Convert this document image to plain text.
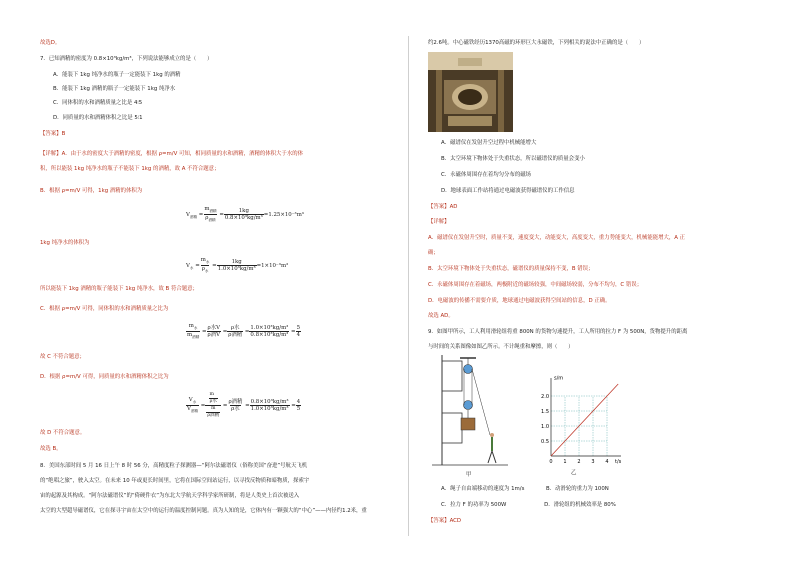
故选D。
7．已知酒精的密度为 0.8×10³kg/m³，下列说法能够成立的是（　　）
A．能装下 1kg 纯净水的瓶子一定能装下 1kg 的酒精
B．能装下 1kg 酒精的瓶子一定能装下 1kg 纯净水
C．同体积的水和酒精质量之比是 4∶5
D．同质量的水和酒精体积之比是 5∶1
【答案】B
【详解】A．由于水的密度大于酒精的密度，根据 ρ=m/V 可知，相同质量的水和酒精，酒精的体积大于水的体
积，所以能装 1kg 纯净水的瓶子不能装下 1kg 的酒精，故 A 不符合题意；
B．根据 ρ=m/V 可得，1kg 酒精的体积为
$V_{酒精} = \frac{m_{酒精}}{\rho_{酒精}} = \frac{1kg}{\text{0.8×10³kg/m³}} =1.25\times 10^{-3}m^3$
1kg 纯净水的体积为
$V_水 = \frac{m_水}{\rho_水} = \frac{1kg}{\text{1.0×10³kg/m³}} =1\times 10^{-3}m^3$
所以能装下 1kg 酒精的瓶子能装下 1kg 纯净水，故 B 符合题意；
C．根据 ρ=m/V 可得，同体积的水和酒精质量之比为
$\frac{m_水}{m_{酒精}} = \frac{\text{ρ水V}}{\text{ρ酒V}} = \frac{\text{ρ水}}{\text{ρ酒精}} = \frac{\text{1.0×10³kg/m³}}{\text{0.8×10³kg/m³}} = \frac{5}{4}$
故 C 不符合题意；
D．根据 ρ=m/V 可得，同质量的水和酒精体积之比为
$\frac{V_水}{V_{酒精}} = \frac{\frac{m}{\text{ρ水}}}{\frac{m}{\text{ρ酒精}}} = \frac{\text{ρ酒精}}{\text{ρ水}} = \frac{\text{0.8×10³kg/m³}}{\text{1.0×10³kg/m³}} = \frac{4}{5}$
故 D 不符合题意。
故选 B。
8．美国东部时间 5 月 16 日上午 8 时 56 分，高精度粒子探测器—“阿尔法磁谱仪（俗称美国“奋进”号航天飞机
的“绝唱之旅”，驶入太空。在未来 10 年或更长时间里，它将在国际空间站运行，以寻找反物质和暗物质，探索宇
宙的起源及其构成。“阿尔法磁谱仪”的“倚硬件衣”为东北大学航天学科学家所研制，将是人类史上首次被送入
太空的大型超导磁谱仪，它在探寻宇宙在太空中的运行的温度控制问题。真为人知的是，它体内有一颗强大的“中心”——内径约1.2米，重
约2.6吨。中心磁铁经历1370高磁的环形巨大永磁铁，下列相关的说法中正确的是（　　）
A．磁谱仪在发射升空过程中机械能增大
B．太空环境下物体处于失重状态，所以磁谱仪的质量会变小
C．永磁体周围存在着均匀分布的磁场
D．地球表面工作站将通过电磁波获得磁谱仪的工作信息
【答案】AD
【详解】
A．磁谱仪在发射升空时，质量不变，速度变大，动能变大，高度变大，重力势能变大，机械能能增大，A 正
确；
B．太空环境下物体处于失重状态，磁谱仪的质量保持不变，B 错误；
C．永磁体周围存在着磁场，两极附近的磁场较强，中间磁场较弱，分布不均匀，C 错误；
D．电磁波的传播不需要介质，地球通过电磁波获得空间站的信息，D 正确。
故选 AD。
9．如图甲所示，工人利用滑轮组将重 800N 的货物匀速提升，工人所用的拉力 F 为 500N，货物提升的距离
与时间的关系图像如图乙所示。不计绳重和摩擦，则（　　）
甲
2.0
1.5
1.0
0.5
0 1 2 3 4
s/m
t/s
乙
A．绳子自由端移动的速度为 1m/s　　　　B．动滑轮的重力为 100N
C．拉力 F 的功率为 500W　　　　　　　D．滑轮组的机械效率是 80%
【答案】ACD
